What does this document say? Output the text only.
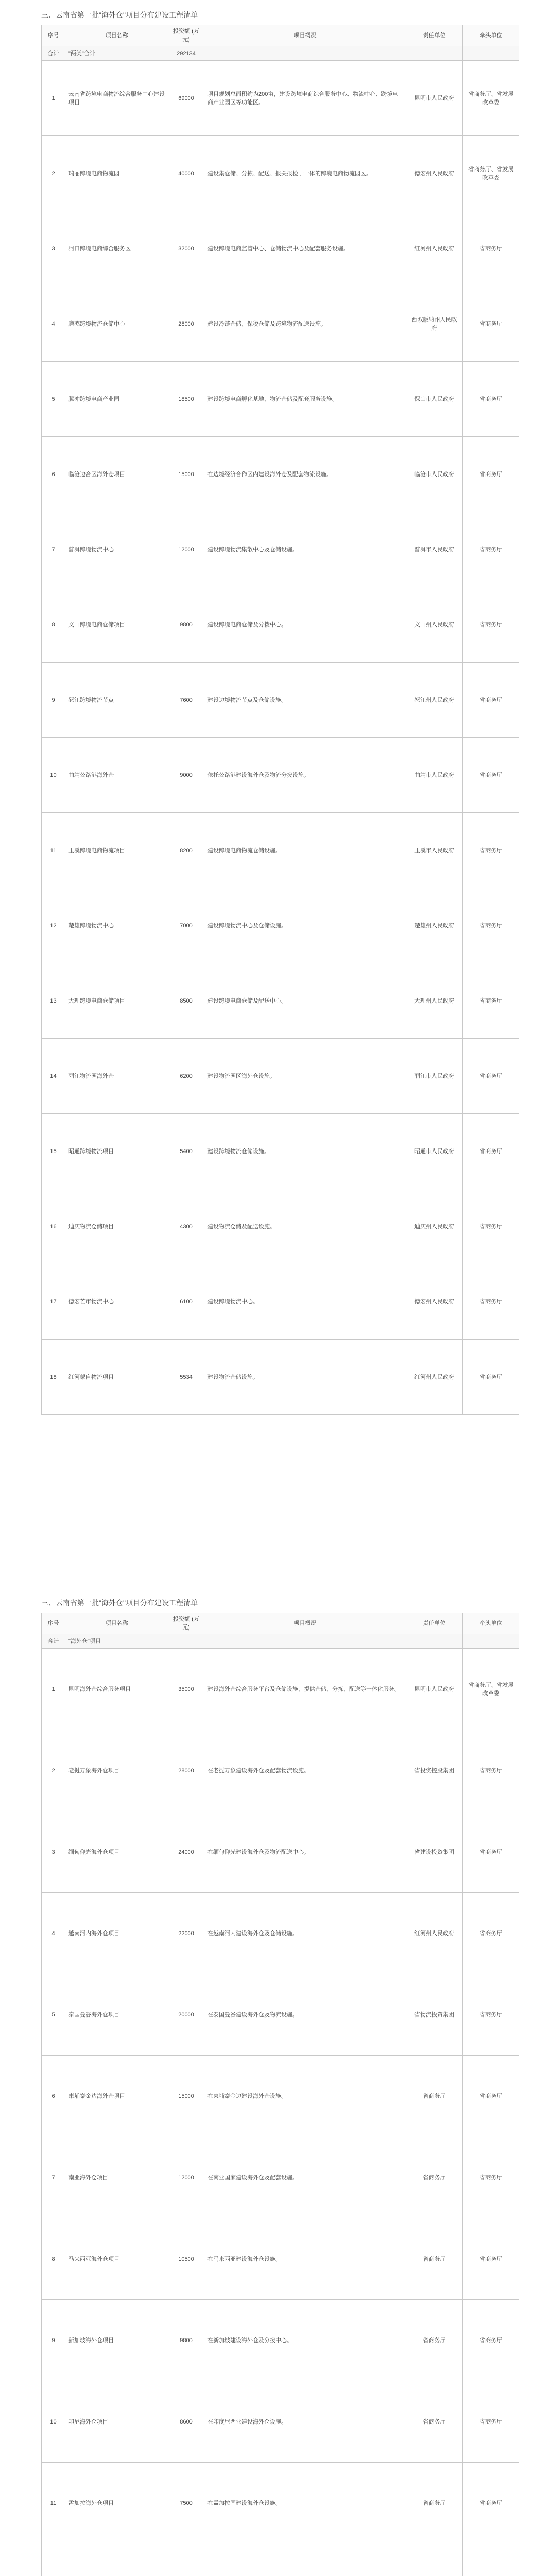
三、云南省第一批"海外仓"项目分布建设工程清单
序号	项目名称	投资额 (万元)	项目概况	责任单位	牵头单位
合计	"两类"合计	292134			
1	云南省跨境电商物流综合服务中心建设项目	69000	项目规划总面积约为200亩，建设跨境电商综合服务中心、物流中心、跨境电商产业园区等功能区。	昆明市人民政府	省商务厅、省发展改革委
2	瑞丽跨境电商物流园	40000	建设集仓储、分拣、配送、报关报检于一体的跨境电商物流园区。	德宏州人民政府	省商务厅、省发展改革委
3	河口跨境电商综合服务区	32000	建设跨境电商监管中心、仓储物流中心及配套服务设施。	红河州人民政府	省商务厅
4	磨憨跨境物流仓储中心	28000	建设冷链仓储、保税仓储及跨境物流配送设施。	西双版纳州人民政府	省商务厅
5	腾冲跨境电商产业园	18500	建设跨境电商孵化基地、物流仓储及配套服务设施。	保山市人民政府	省商务厅
6	临沧边合区海外仓项目	15000	在边境经济合作区内建设海外仓及配套物流设施。	临沧市人民政府	省商务厅
7	普洱跨境物流中心	12000	建设跨境物流集散中心及仓储设施。	普洱市人民政府	省商务厅
8	文山跨境电商仓储项目	9800	建设跨境电商仓储及分拨中心。	文山州人民政府	省商务厅
9	怒江跨境物流节点	7600	建设边境物流节点及仓储设施。	怒江州人民政府	省商务厅
10	曲靖公路港海外仓	9000	依托公路港建设海外仓及物流分拨设施。	曲靖市人民政府	省商务厅
11	玉溪跨境电商物流项目	8200	建设跨境电商物流仓储设施。	玉溪市人民政府	省商务厅
12	楚雄跨境物流中心	7000	建设跨境物流中心及仓储设施。	楚雄州人民政府	省商务厅
13	大理跨境电商仓储项目	8500	建设跨境电商仓储及配送中心。	大理州人民政府	省商务厅
14	丽江物流园海外仓	6200	建设物流园区海外仓设施。	丽江市人民政府	省商务厅
15	昭通跨境物流项目	5400	建设跨境物流仓储设施。	昭通市人民政府	省商务厅
16	迪庆物流仓储项目	4300	建设物流仓储及配送设施。	迪庆州人民政府	省商务厅
17	德宏芒市物流中心	6100	建设跨境物流中心。	德宏州人民政府	省商务厅
18	红河蒙自物流项目	5534	建设物流仓储设施。	红河州人民政府	省商务厅
三、云南省第一批"海外仓"项目分布建设工程清单
序号	项目名称	投资额 (万元)	项目概况	责任单位	牵头单位
合计	"海外仓"项目				
1	昆明海外仓综合服务项目	35000	建设海外仓综合服务平台及仓储设施，提供仓储、分拣、配送等一体化服务。	昆明市人民政府	省商务厅、省发展改革委
2	老挝万象海外仓项目	28000	在老挝万象建设海外仓及配套物流设施。	省投资控股集团	省商务厅
3	缅甸仰光海外仓项目	24000	在缅甸仰光建设海外仓及物流配送中心。	省建设投资集团	省商务厅
4	越南河内海外仓项目	22000	在越南河内建设海外仓及仓储设施。	红河州人民政府	省商务厅
5	泰国曼谷海外仓项目	20000	在泰国曼谷建设海外仓及物流设施。	省物流投资集团	省商务厅
6	柬埔寨金边海外仓项目	15000	在柬埔寨金边建设海外仓设施。	省商务厅	省商务厅
7	南亚海外仓项目	12000	在南亚国家建设海外仓及配套设施。	省商务厅	省商务厅
8	马来西亚海外仓项目	10500	在马来西亚建设海外仓设施。	省商务厅	省商务厅
9	新加坡海外仓项目	9800	在新加坡建设海外仓及分拨中心。	省商务厅	省商务厅
10	印尼海外仓项目	8600	在印度尼西亚建设海外仓设施。	省商务厅	省商务厅
11	孟加拉海外仓项目	7500	在孟加拉国建设海外仓设施。	省商务厅	省商务厅
